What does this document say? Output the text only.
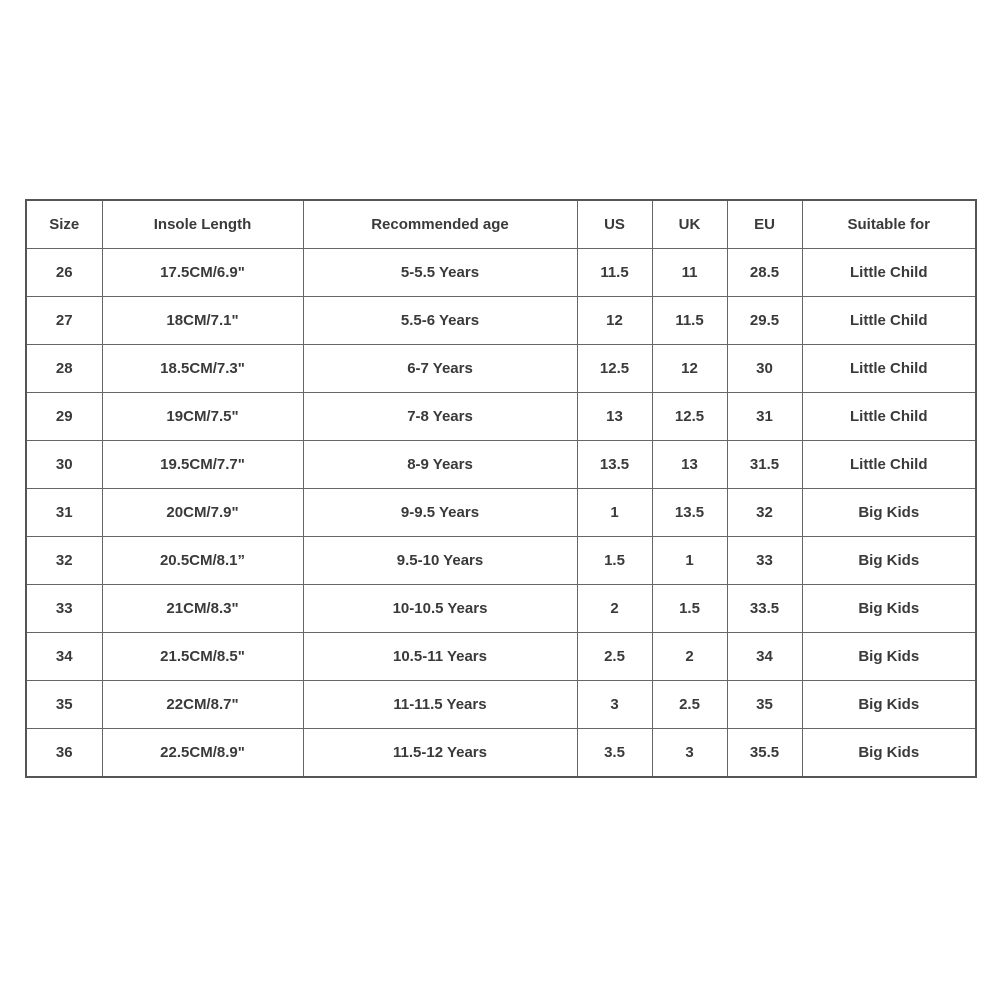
Size	Insole Length	Recommended age	US	UK	EU	Suitable for
26	17.5CM/6.9"	5-5.5 Years	11.5	11	28.5	Little Child
27	18CM/7.1"	5.5-6 Years	12	11.5	29.5	Little Child
28	18.5CM/7.3"	6-7 Years	12.5	12	30	Little Child
29	19CM/7.5"	7-8 Years	13	12.5	31	Little Child
30	19.5CM/7.7"	8-9 Years	13.5	13	31.5	Little Child
31	20CM/7.9"	9-9.5 Years	1	13.5	32	Big Kids
32	20.5CM/8.1”	9.5-10 Years	1.5	1	33	Big Kids
33	21CM/8.3"	10-10.5 Years	2	1.5	33.5	Big Kids
34	21.5CM/8.5"	10.5-11 Years	2.5	2	34	Big Kids
35	22CM/8.7"	11-11.5 Years	3	2.5	35	Big Kids
36	22.5CM/8.9"	11.5-12 Years	3.5	3	35.5	Big Kids
